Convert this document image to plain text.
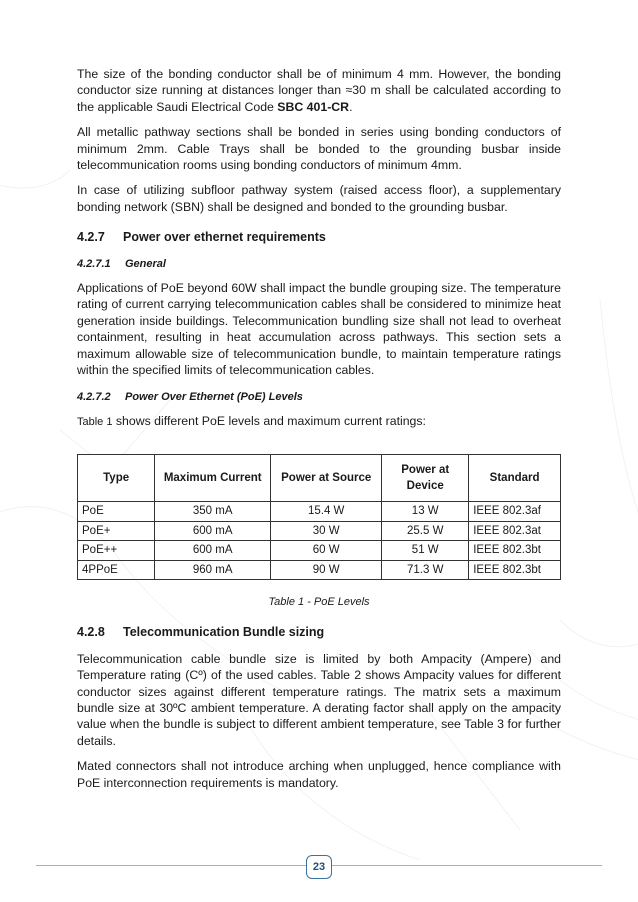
The size of the bonding conductor shall be of minimum 4 mm. However, the bonding conductor size running at distances longer than ≈30 m shall be calculated according to the applicable Saudi Electrical Code SBC 401-CR.

All metallic pathway sections shall be bonded in series using bonding conductors of minimum 2mm. Cable Trays shall be bonded to the grounding busbar inside telecommunication rooms using bonding conductors of minimum 4mm.

In case of utilizing subfloor pathway system (raised access floor), a supplementary bonding network (SBN) shall be designed and bonded to the grounding busbar.

4.2.7	Power over ethernet requirements
4.2.7.1	General

Applications of PoE beyond 60W shall impact the bundle grouping size. The temperature rating of current carrying telecommunication cables shall be considered to minimize heat generation inside buildings. Telecommunication bundling size shall not lead to overheat containment, resulting in heat accumulation across pathways. This section sets a maximum allowable size of telecommunication bundle, to maintain temperature ratings within the specified limits of telecommunication cables.

4.2.7.2	Power Over Ethernet (PoE) Levels

Table 1 shows different PoE levels and maximum current ratings:

Type	Maximum Current	Power at Source	Power at Device	Standard
PoE	350 mA	15.4 W	13 W	IEEE 802.3af
PoE+	600 mA	30 W	25.5 W	IEEE 802.3at
PoE++	600 mA	60 W	51 W	IEEE 802.3bt
4PPoE	960 mA	90 W	71.3 W	IEEE 802.3bt
Table 1 - PoE Levels
4.2.8	Telecommunication Bundle sizing

Telecommunication cable bundle size is limited by both Ampacity (Ampere) and Temperature rating (Cº) of the used cables. Table 2 shows Ampacity values for different conductor sizes against different temperature ratings. The matrix sets a maximum bundle size at 30ºC ambient temperature. A derating factor shall apply on the ampacity value when the bundle is subject to different ambient temperature, see Table 3 for further details.

Mated connectors shall not introduce arching when unplugged, hence compliance with PoE interconnection requirements is mandatory.

23
